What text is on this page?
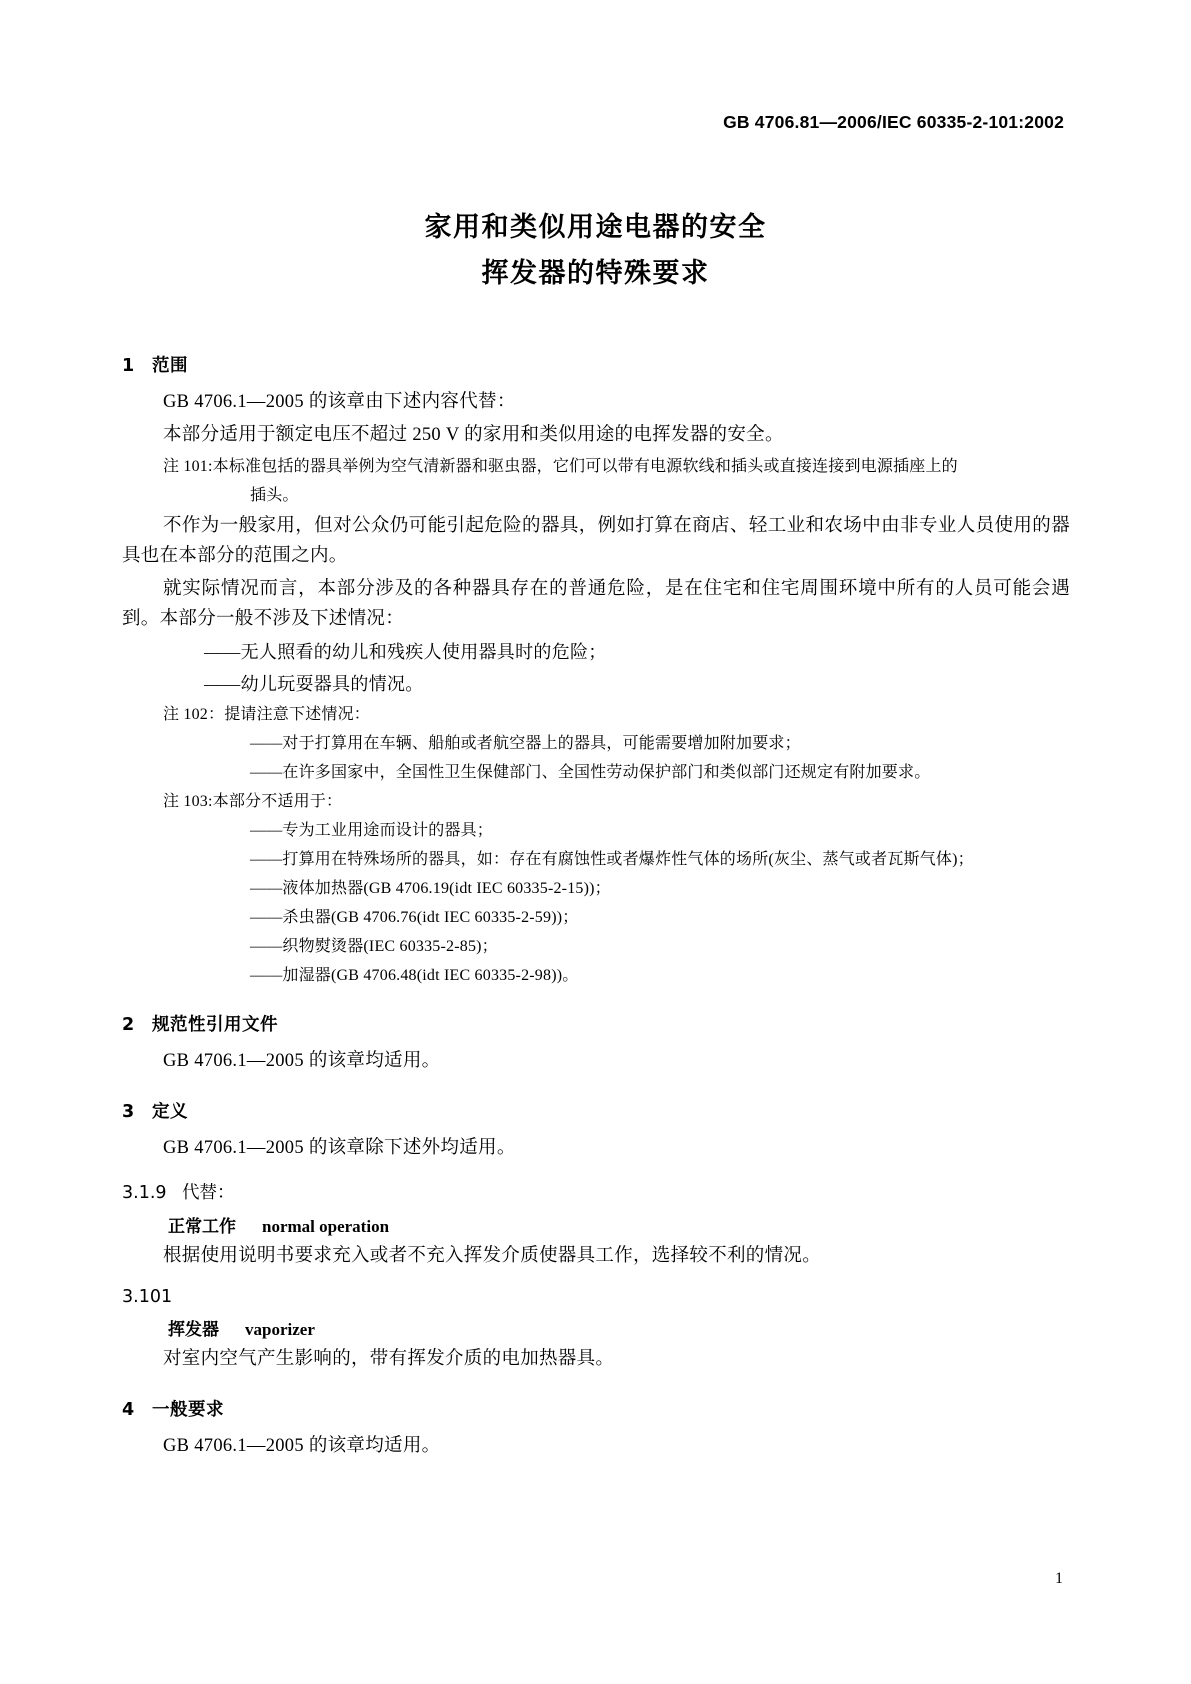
GB 4706.81—2006/IEC 60335-2-101:2002
家用和类似用途电器的安全
挥发器的特殊要求
1 范围

GB 4706.1—2005 的该章由下述内容代替：

本部分适用于额定电压不超过 250 V 的家用和类似用途的电挥发器的安全。

注 101:本标准包括的器具举例为空气清新器和驱虫器，它们可以带有电源软线和插头或直接连接到电源插座上的
插头。

不作为一般家用，但对公众仍可能引起危险的器具，例如打算在商店、轻工业和农场中由非专业人员使用的器具也在本部分的范围之内。

就实际情况而言，本部分涉及的各种器具存在的普通危险，是在住宅和住宅周围环境中所有的人员可能会遇到。本部分一般不涉及下述情况：

——无人照看的幼儿和残疾人使用器具时的危险；
——幼儿玩耍器具的情况。
注 102：提请注意下述情况：
——对于打算用在车辆、船舶或者航空器上的器具，可能需要增加附加要求；
——在许多国家中，全国性卫生保健部门、全国性劳动保护部门和类似部门还规定有附加要求。
注 103:本部分不适用于：
——专为工业用途而设计的器具；
——打算用在特殊场所的器具，如：存在有腐蚀性或者爆炸性气体的场所(灰尘、蒸气或者瓦斯气体)；
——液体加热器(GB 4706.19(idt IEC 60335-2-15))；
——杀虫器(GB 4706.76(idt IEC 60335-2-59))；
——织物熨烫器(IEC 60335-2-85)；
——加湿器(GB 4706.48(idt IEC 60335-2-98))。
2 规范性引用文件

GB 4706.1—2005 的该章均适用。

3 定义

GB 4706.1—2005 的该章除下述外均适用。

3.1.9 代替：
正常工作 normal operation

根据使用说明书要求充入或者不充入挥发介质使器具工作，选择较不利的情况。

3.101
挥发器 vaporizer

对室内空气产生影响的，带有挥发介质的电加热器具。

4 一般要求

GB 4706.1—2005 的该章均适用。

1
